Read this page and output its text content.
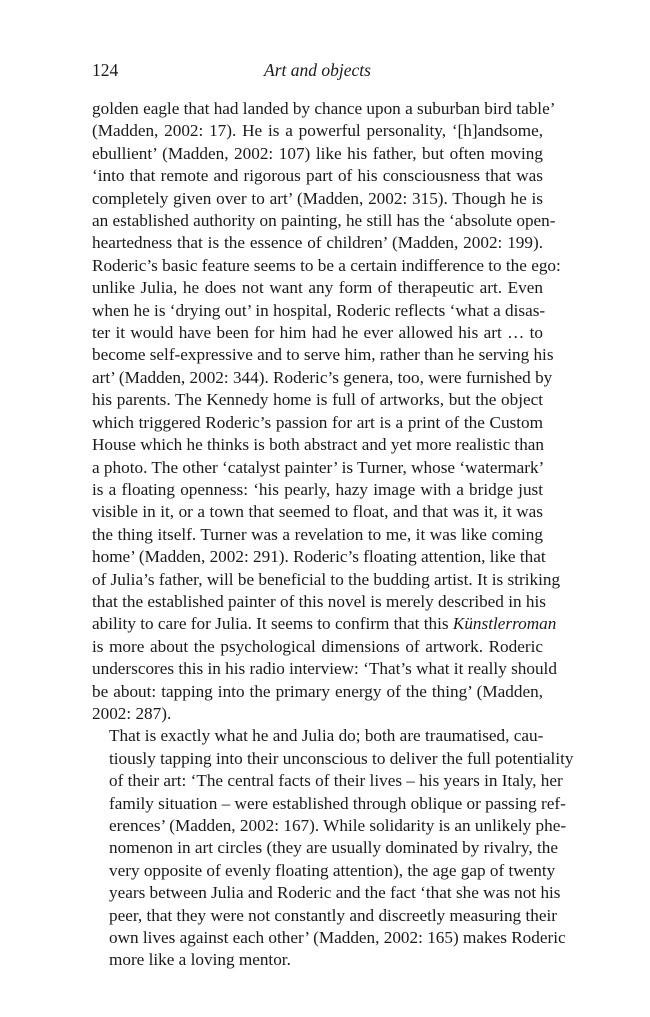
124	Art and objects

golden eagle that had landed by chance upon a suburban bird table’
(Madden, 2002: 17). He is a powerful personality, ‘[h]andsome,
ebullient’ (Madden, 2002: 107) like his father, but often moving
‘into that remote and rigorous part of his consciousness that was
completely given over to art’ (Madden, 2002: 315). Though he is
an established authority on painting, he still has the ‘absolute open-
heartedness that is the essence of children’ (Madden, 2002: 199).
Roderic’s basic feature seems to be a certain indifference to the ego:
unlike Julia, he does not want any form of therapeutic art. Even
when he is ‘drying out’ in hospital, Roderic reflects ‘what a disas-
ter it would have been for him had he ever allowed his art … to
become self-expressive and to serve him, rather than he serving his
art’ (Madden, 2002: 344). Roderic’s genera, too, were furnished by
his parents. The Kennedy home is full of artworks, but the object
which triggered Roderic’s passion for art is a print of the Custom
House which he thinks is both abstract and yet more realistic than
a photo. The other ‘catalyst painter’ is Turner, whose ‘watermark’
is a floating openness: ‘his pearly, hazy image with a bridge just
visible in it, or a town that seemed to float, and that was it, it was
the thing itself. Turner was a revelation to me, it was like coming
home’ (Madden, 2002: 291). Roderic’s floating attention, like that
of Julia’s father, will be beneficial to the budding artist. It is striking
that the established painter of this novel is merely described in his
ability to care for Julia. It seems to confirm that this Künstlerroman
is more about the psychological dimensions of artwork. Roderic
underscores this in his radio interview: ‘That’s what it really should
be about: tapping into the primary energy of the thing’ (Madden,
2002: 287).

That is exactly what he and Julia do; both are traumatised, cau-
tiously tapping into their unconscious to deliver the full potentiality
of their art: ‘The central facts of their lives – his years in Italy, her
family situation – were established through oblique or passing ref-
erences’ (Madden, 2002: 167). While solidarity is an unlikely phe-
nomenon in art circles (they are usually dominated by rivalry, the
very opposite of evenly floating attention), the age gap of twenty
years between Julia and Roderic and the fact ‘that she was not his
peer, that they were not constantly and discreetly measuring their
own lives against each other’ (Madden, 2002: 165) makes Roderic
more like a loving mentor.
